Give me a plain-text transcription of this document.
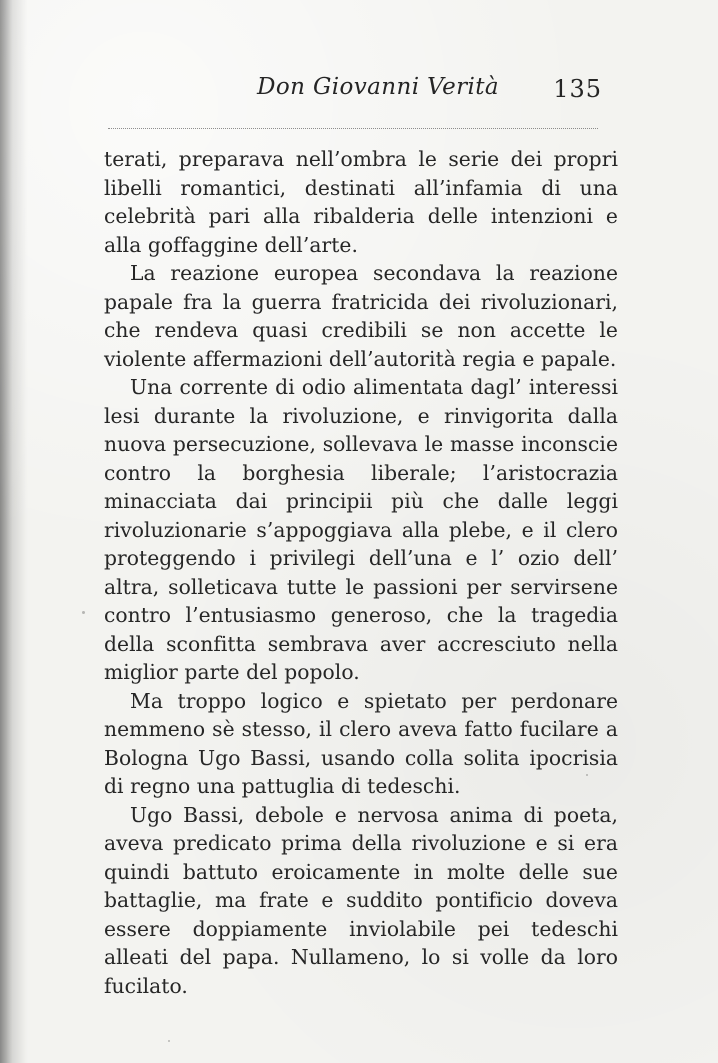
Don Giovanni Verità 135

terati, preparava nell’ombra le serie dei propri libelli romantici, destinati all’infamia di una celebrità pari alla ribalderia delle intenzioni e alla goffaggine dell’arte.

La reazione europea secondava la reazione papale fra la guerra fratricida dei rivoluzionari, che rendeva quasi credibili se non accette le violente affermazioni dell’autorità regia e papale.

Una corrente di odio alimentata dagl’ interessi lesi durante la rivoluzione, e rinvigorita dalla nuova persecuzione, sollevava le masse inconscie contro la borghesia liberale; l’aristocrazia minacciata dai principii più che dalle leggi rivoluzionarie s’appoggiava alla plebe, e il clero proteggendo i privilegi dell’una e l’ ozio dell’ altra, solleticava tutte le passioni per servirsene contro l’entusiasmo generoso, che la tragedia della sconfitta sembrava aver accresciuto nella miglior parte del popolo.

Ma troppo logico e spietato per perdonare nemmeno sè stesso, il clero aveva fatto fucilare a Bologna Ugo Bassi, usando colla solita ipocrisia di regno una pattuglia di tedeschi.

Ugo Bassi, debole e nervosa anima di poeta, aveva predicato prima della rivoluzione e si era quindi battuto eroicamente in molte delle sue battaglie, ma frate e suddito pontificio doveva essere doppiamente inviolabile pei tedeschi alleati del papa. Nullameno, lo si volle da loro fucilato.
